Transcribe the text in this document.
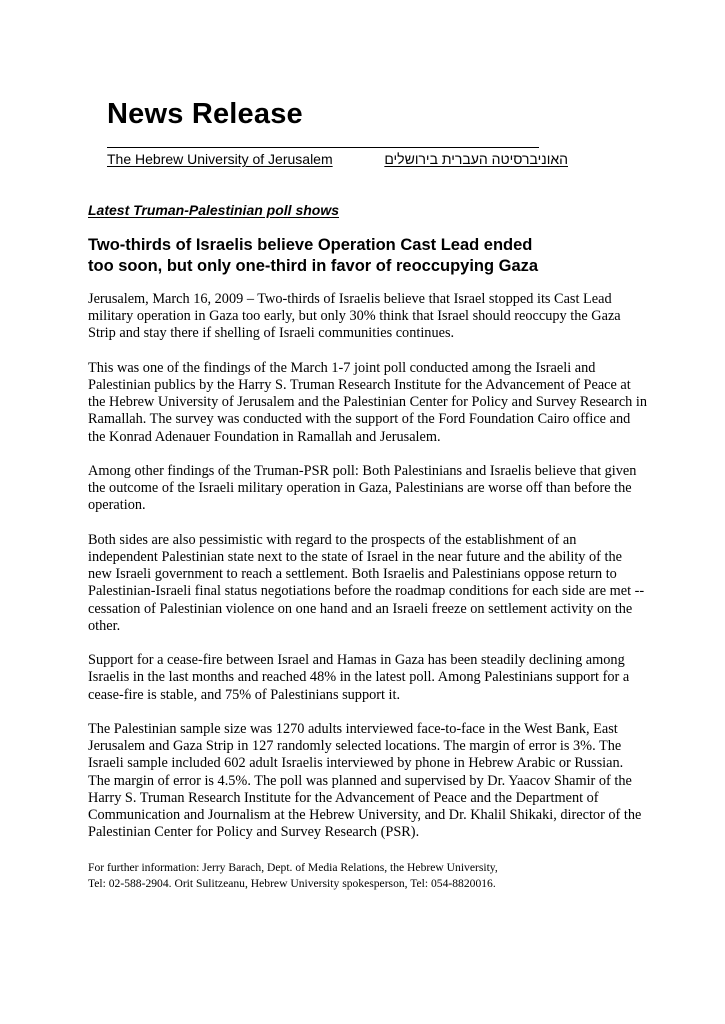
News Release
The Hebrew University of Jerusalem	האוניברסיטה העברית בירושלים
Latest Truman-Palestinian poll shows
Two-thirds of Israelis believe Operation Cast Lead ended
too soon, but only one-third in favor of reoccupying Gaza

Jerusalem, March 16, 2009 – Two-thirds of Israelis believe that Israel stopped its Cast Lead military operation in Gaza too early, but only 30% think that Israel should reoccupy the Gaza Strip and stay there if shelling of Israeli communities continues.

This was one of the findings of the March 1-7 joint poll conducted among the Israeli and Palestinian publics by the Harry S. Truman Research Institute for the Advancement of Peace at the Hebrew University of Jerusalem and the Palestinian Center for Policy and Survey Research in Ramallah. The survey was conducted with the support of the Ford Foundation Cairo office and the Konrad Adenauer Foundation in Ramallah and Jerusalem.

Among other findings of the Truman-PSR poll: Both Palestinians and Israelis believe that given the outcome of the Israeli military operation in Gaza, Palestinians are worse off than before the operation.

Both sides are also pessimistic with regard to the prospects of the establishment of an independent Palestinian state next to the state of Israel in the near future and the ability of the new Israeli government to reach a settlement. Both Israelis and Palestinians oppose return to Palestinian-Israeli final status negotiations before the roadmap conditions for each side are met -- cessation of Palestinian violence on one hand and an Israeli freeze on settlement activity on the other.

Support for a cease-fire between Israel and Hamas in Gaza has been steadily declining among Israelis in the last months and reached 48% in the latest poll. Among Palestinians support for a cease-fire is stable, and 75% of Palestinians support it.

The Palestinian sample size was 1270 adults interviewed face-to-face in the West Bank, East Jerusalem and Gaza Strip in 127 randomly selected locations. The margin of error is 3%. The Israeli sample included 602 adult Israelis interviewed by phone in Hebrew Arabic or Russian. The margin of error is 4.5%. The poll was planned and supervised by Dr. Yaacov Shamir of the Harry S. Truman Research Institute for the Advancement of Peace and the Department of Communication and Journalism at the Hebrew University, and Dr. Khalil Shikaki, director of the Palestinian Center for Policy and Survey Research (PSR).

For further information: Jerry Barach, Dept. of Media Relations, the Hebrew University,
Tel: 02-588-2904. Orit Sulitzeanu, Hebrew University spokesperson, Tel: 054-8820016.
